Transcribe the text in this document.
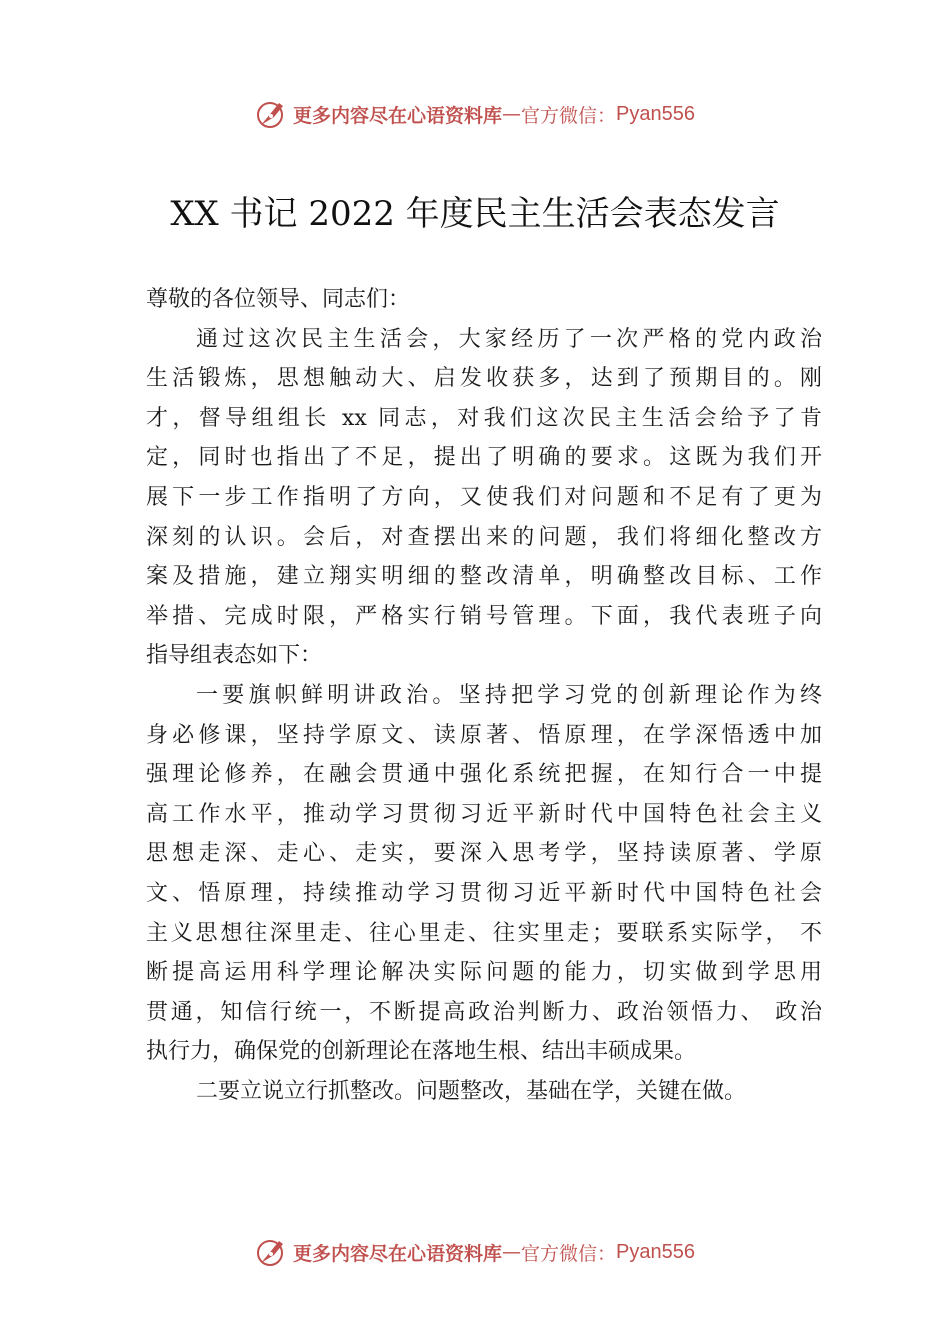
更多内容尽在心语资料库 — 官方微信： Pyan556
XX 书记 2022 年度民主生活会表态发言
尊敬的各位领导、同志们：
通过这次民主生活会，大家经历了一次严格的党内政治
生活锻炼，思想触动大、启发收获多，达到了预期目的。刚
才，督导组组长 xx 同志，对我们这次民主生活会给予了肯
定，同时也指出了不足，提出了明确的要求。这既为我们开
展下一步工作指明了方向，又使我们对问题和不足有了更为
深刻的认识。会后，对查摆出来的问题，我们将细化整改方
案及措施，建立翔实明细的整改清单，明确整改目标、工作
举措、完成时限，严格实行销号管理。下面，我代表班子向
指导组表态如下：
一要旗帜鲜明讲政治。坚持把学习党的创新理论作为终
身必修课，坚持学原文、读原著、悟原理，在学深悟透中加
强理论修养，在融会贯通中强化系统把握，在知行合一中提
高工作水平，推动学习贯彻习近平新时代中国特色社会主义
思想走深、走心、走实，要深入思考学，坚持读原著、学原
文、悟原理，持续推动学习贯彻习近平新时代中国特色社会
主义思想往深里走、往心里走、往实里走；要联系实际学， 不
断提高运用科学理论解决实际问题的能力，切实做到学思用
贯通，知信行统一，不断提高政治判断力、政治领悟力、 政治
执行力，确保党的创新理论在落地生根、结出丰硕成果。
二要立说立行抓整改。问题整改，基础在学，关键在做。
更多内容尽在心语资料库 — 官方微信： Pyan556
